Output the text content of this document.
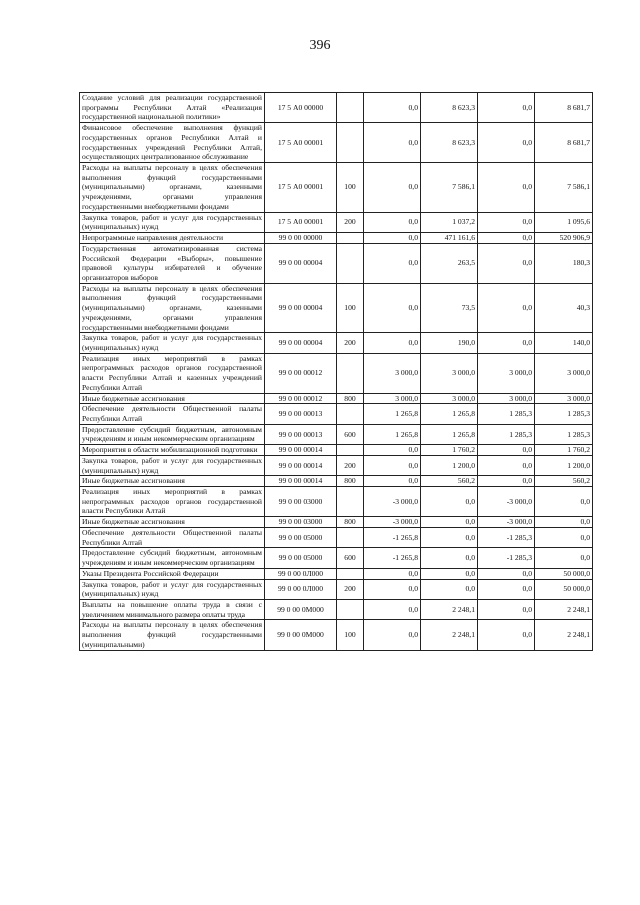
396
Создание условий для реализации государственной программы Республики Алтай «Реализация государственной национальной политики»	17 5 А0 00000		0,0	8 623,3	0,0	8 681,7
Финансовое обеспечение выполнения функций государственных органов Республики Алтай и государственных учреждений Республики Алтай, осуществляющих централизованное обслуживание	17 5 А0 00001		0,0	8 623,3	0,0	8 681,7
Расходы на выплаты персоналу в целях обеспечения выполнения функций государственными (муниципальными) органами, казенными учреждениями, органами управления государственными внебюджетными фондами	17 5 А0 00001	100	0,0	7 586,1	0,0	7 586,1
Закупка товаров, работ и услуг для государственных (муниципальных) нужд	17 5 А0 00001	200	0,0	1 037,2	0,0	1 095,6
Непрограммные направления деятельности	99 0 00 00000		0,0	471 161,6	0,0	520 906,9
Государственная автоматизированная система Российской Федерации «Выборы», повышение правовой культуры избирателей и обучение организаторов выборов	99 0 00 00004		0,0	263,5	0,0	180,3
Расходы на выплаты персоналу в целях обеспечения выполнения функций государственными (муниципальными) органами, казенными учреждениями, органами управления государственными внебюджетными фондами	99 0 00 00004	100	0,0	73,5	0,0	40,3
Закупка товаров, работ и услуг для государственных (муниципальных) нужд	99 0 00 00004	200	0,0	190,0	0,0	140,0
Реализация иных мероприятий в рамках непрограммных расходов органов государственной власти Республики Алтай и казенных учреждений Республики Алтай	99 0 00 00012		3 000,0	3 000,0	3 000,0	3 000,0
Иные бюджетные ассигнования	99 0 00 00012	800	3 000,0	3 000,0	3 000,0	3 000,0
Обеспечение деятельности Общественной палаты Республики Алтай	99 0 00 00013		1 265,8	1 265,8	1 285,3	1 285,3
Предоставление субсидий бюджетным, автономным учреждениям и иным некоммерческим организациям	99 0 00 00013	600	1 265,8	1 265,8	1 285,3	1 285,3
Мероприятия в области мобилизационной подготовки	99 0 00 00014		0,0	1 760,2	0,0	1 760,2
Закупка товаров, работ и услуг для государственных (муниципальных) нужд	99 0 00 00014	200	0,0	1 200,0	0,0	1 200,0
Иные бюджетные ассигнования	99 0 00 00014	800	0,0	560,2	0,0	560,2
Реализация иных мероприятий в рамках непрограммных расходов органов государственной власти Республики Алтай	99 0 00 03000		-3 000,0	0,0	-3 000,0	0,0
Иные бюджетные ассигнования	99 0 00 03000	800	-3 000,0	0,0	-3 000,0	0,0
Обеспечение деятельности Общественной палаты Республики Алтай	99 0 00 05000		-1 265,8	0,0	-1 285,3	0,0
Предоставление субсидий бюджетным, автономным учреждениям и иным некоммерческим организациям	99 0 00 05000	600	-1 265,8	0,0	-1 285,3	0,0
Указы Президента Российской Федерации	99 0 00 0Л000		0,0	0,0	0,0	50 000,0
Закупка товаров, работ и услуг для государственных (муниципальных) нужд	99 0 00 0Л000	200	0,0	0,0	0,0	50 000,0
Выплаты на повышение оплаты труда в связи с увеличением минимального размера оплаты труда	99 0 00 0М000		0,0	2 248,1	0,0	2 248,1
Расходы на выплаты персоналу в целях обеспечения выполнения функций государственными (муниципальными)	99 0 00 0М000	100	0,0	2 248,1	0,0	2 248,1
